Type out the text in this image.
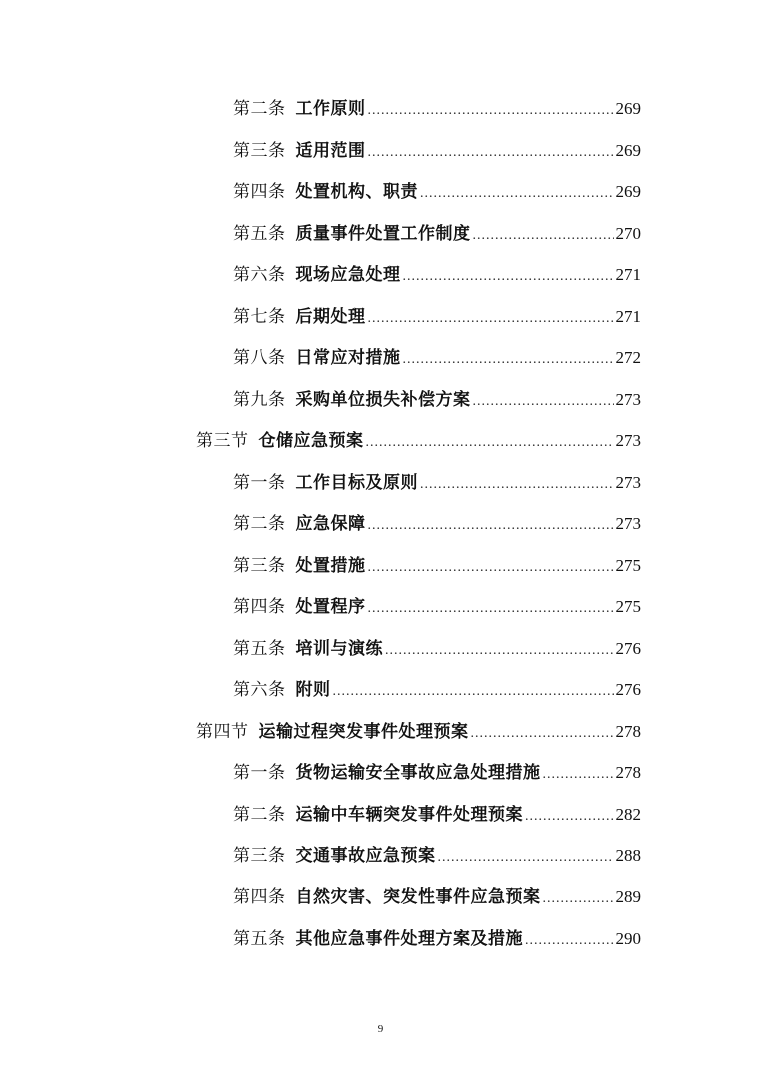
第二条 工作原则 .....	269
第三条 适用范围 .....	269
第四条 处置机构、职责 .....	269
第五条 质量事件处置工作制度 .....	270
第六条 现场应急处理 .....	271
第七条 后期处理 .....	271
第八条 日常应对措施 .....	272
第九条 采购单位损失补偿方案 .....	273
第三节 仓储应急预案 .....	273
第一条 工作目标及原则 .....	273
第二条 应急保障 .....	273
第三条 处置措施 .....	275
第四条 处置程序 .....	275
第五条 培训与演练 .....	276
第六条 附则 .....	276
第四节 运输过程突发事件处理预案 .....	278
第一条 货物运输安全事故应急处理措施 .....	278
第二条 运输中车辆突发事件处理预案 .....	282
第三条 交通事故应急预案 .....	288
第四条 自然灾害、突发性事件应急预案 .....	289
第五条 其他应急事件处理方案及措施 .....	290
9
